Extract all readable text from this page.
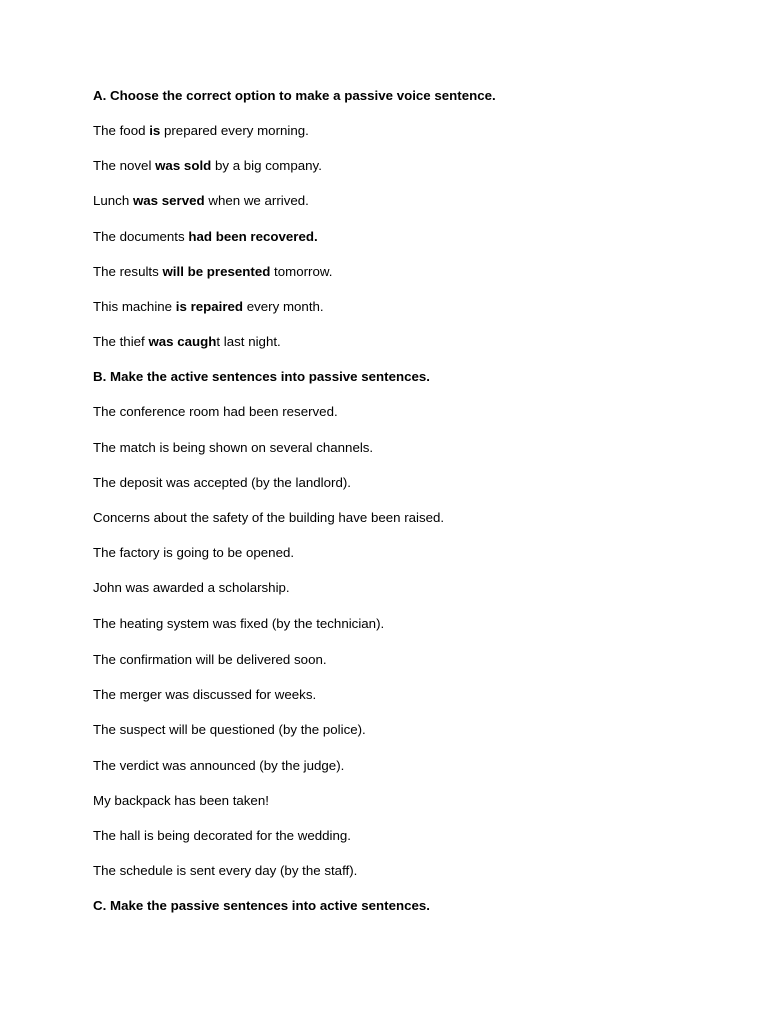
A. Choose the correct option to make a passive voice sentence.
The food is prepared every morning.
The novel was sold by a big company.
Lunch was served when we arrived.
The documents had been recovered.
The results will be presented tomorrow.
This machine is repaired every month.
The thief was caught last night.
B. Make the active sentences into passive sentences.
The conference room had been reserved.
The match is being shown on several channels.
The deposit was accepted (by the landlord).
Concerns about the safety of the building have been raised.
The factory is going to be opened.
John was awarded a scholarship.
The heating system was fixed (by the technician).
The confirmation will be delivered soon.
The merger was discussed for weeks.
The suspect will be questioned (by the police).
The verdict was announced (by the judge).
My backpack has been taken!
The hall is being decorated for the wedding.
The schedule is sent every day (by the staff).
C. Make the passive sentences into active sentences.
